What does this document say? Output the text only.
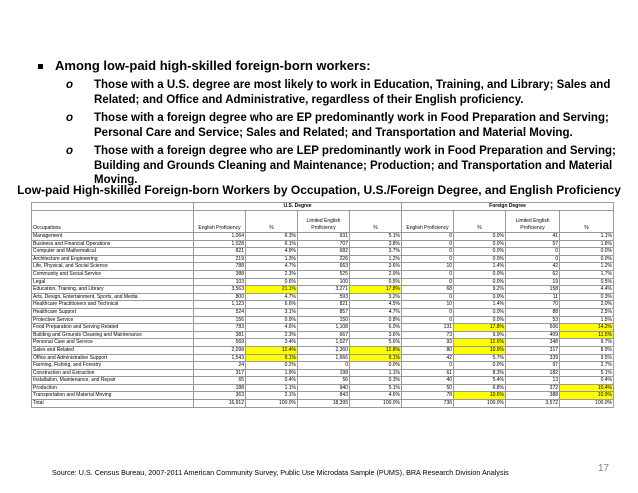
Among low-paid high-skilled foreign-born workers:
o	Those with a U.S. degree are most likely to work in Education, Training, and Library; Sales and Related; and Office and Administrative, regardless of their English proficiency.
o	Those with a foreign degree who are EP predominantly work in Food Preparation and Serving; Personal Care and Service; Sales and Related; and Transportation and Material Moving.
o	Those with a foreign degree who are LEP predominantly work in Food Preparation and Serving; Building and Grounds Cleaning and Maintenance; Production; and Transportation and Material Moving.
Low-paid High-skilled Foreign-born Workers by Occupation, U.S./Foreign Degree, and English Proficiency
	U.S. Degree				Foreign Degree			
Occupations	English Proficiency	%	Limited English Proficiency	%	English Proficiency	%	Limited English Proficiency	%
Management	1,064	6.3%	931	5.1%	0	0.0%	41	1.1%
Business and Financial Operations	1,028	6.1%	707	3.8%	0	0.0%	57	1.6%
Computer and Mathematical	821	4.9%	682	3.7%	0	0.0%	0	0.0%
Architecture and Engineering	219	1.3%	226	1.2%	0	0.0%	0	0.0%
Life, Physical, and Social Science	788	4.7%	663	3.6%	10	1.4%	42	1.2%
Community and Social Service	388	2.3%	525	2.9%	0	0.0%	62	1.7%
Legal	103	0.6%	100	0.5%	0	0.0%	19	0.5%
Education, Training, and Library	3,563	21.1%	3,271	17.8%	68	9.2%	158	4.4%
Arts, Design, Entertainment, Sports, and Media	800	4.7%	593	3.2%	0	0.0%	11	0.3%
Healthcare Practitioners and Technical	1,123	6.6%	821	4.5%	10	1.4%	70	2.0%
Healthcare Support	524	3.1%	857	4.7%	0	0.0%	88	2.5%
Protective Service	156	0.9%	150	0.8%	0	0.0%	53	1.5%
Food Preparation and Serving Related	783	4.6%	1,108	6.0%	131	17.8%	506	14.2%
Building and Grounds Cleaning and Maintenance	381	2.3%	667	3.6%	73	9.9%	409	11.5%
Personal Care and Service	569	3.4%	1,027	5.6%	93	12.6%	348	9.7%
Sales and Related	2,098	12.4%	2,360	12.8%	80	10.9%	317	8.9%
Office and Administrative Support	1,543	9.1%	1,666	9.1%	42	5.7%	339	9.5%
Farming, Fishing, and Forestry	24	0.2%	0	0.0%	0	0.0%	97	2.7%
Construction and Extraction	317	1.9%	198	1.1%	61	8.3%	182	5.1%
Installation, Maintenance, and Repair	65	0.4%	56	0.3%	40	5.4%	13	0.4%
Production	188	1.1%	940	5.1%	50	6.8%	372	10.4%
Transportation and Material Moving	363	2.1%	843	4.6%	78	10.6%	388	10.9%
Total	16,912	100.0%	18,395	100.0%	736	100.0%	3,572	100.0%
Source: U.S. Census Bureau, 2007-2011 American Community Survey, Public Use Microdata Sample (PUMS), BRA Research Division Analysis	17
